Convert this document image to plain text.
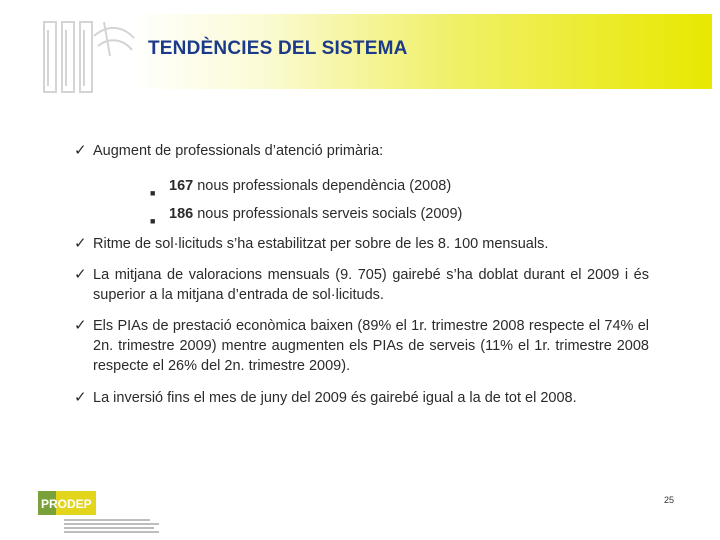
TENDÈNCIES DEL SISTEMA
✓ Augment de professionals d’atenció primària:
■ 167 nous professionals dependència (2008)
■ 186 nous professionals serveis socials (2009)
✓ Ritme de sol·licituds s’ha estabilitzat per sobre de les 8. 100 mensuals.
✓ La mitjana de valoracions mensuals (9. 705) gairebé s’ha doblat durant el 2009 i és superior a la mitjana d’entrada de sol·licituds.
✓ Els PIAs de prestació econòmica baixen (89% el 1r. trimestre 2008 respecte el 74% el 2n. trimestre 2009) mentre augmenten els PIAs de serveis (11% el 1r. trimestre 2008 respecte el 26% del 2n. trimestre 2009).
✓ La inversió fins el mes de juny del 2009 és gairebé igual a la de tot el 2008.
PRODEP	25
